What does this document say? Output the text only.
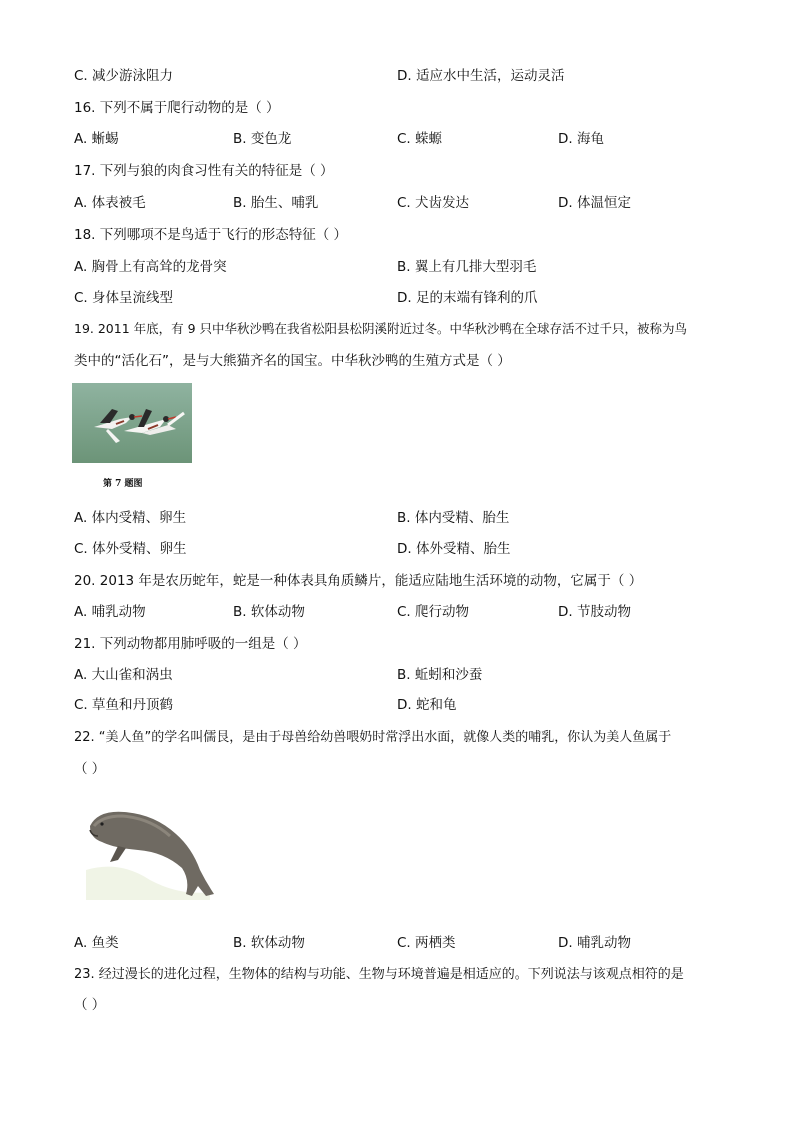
C. 减少游泳阻力	D. 适应水中生活，运动灵活
16. 下列不属于爬行动物的是（ ）
A. 蜥蜴	B. 变色龙	C. 蝾螈	D. 海龟
17. 下列与狼的肉食习性有关的特征是（ ）
A. 体表被毛	B. 胎生、哺乳	C. 犬齿发达	D. 体温恒定
18. 下列哪项不是鸟适于飞行的形态特征（ ）
A. 胸骨上有高耸的龙骨突	B. 翼上有几排大型羽毛
C. 身体呈流线型	D. 足的末端有锋利的爪
19. 2011 年底，有 9 只中华秋沙鸭在我省松阳县松阴溪附近过冬。中华秋沙鸭在全球存活不过千只，被称为鸟
类中的“活化石”，是与大熊猫齐名的国宝。中华秋沙鸭的生殖方式是（ ）
第 7 题图
A. 体内受精、卵生	B. 体内受精、胎生
C. 体外受精、卵生	D. 体外受精、胎生
20. 2013 年是农历蛇年，蛇是一种体表具角质鳞片，能适应陆地生活环境的动物，它属于（ ）
A. 哺乳动物	B. 软体动物	C. 爬行动物	D. 节肢动物
21. 下列动物都用肺呼吸的一组是（ ）
A. 大山雀和涡虫	B. 蚯蚓和沙蚕
C. 草鱼和丹顶鹤	D. 蛇和龟
22. “美人鱼”的学名叫儒艮，是由于母兽给幼兽喂奶时常浮出水面，就像人类的哺乳，你认为美人鱼属于
（ ）
A. 鱼类	B. 软体动物	C. 两栖类	D. 哺乳动物
23. 经过漫长的进化过程，生物体的结构与功能、生物与环境普遍是相适应的。下列说法与该观点相符的是
（ ）
